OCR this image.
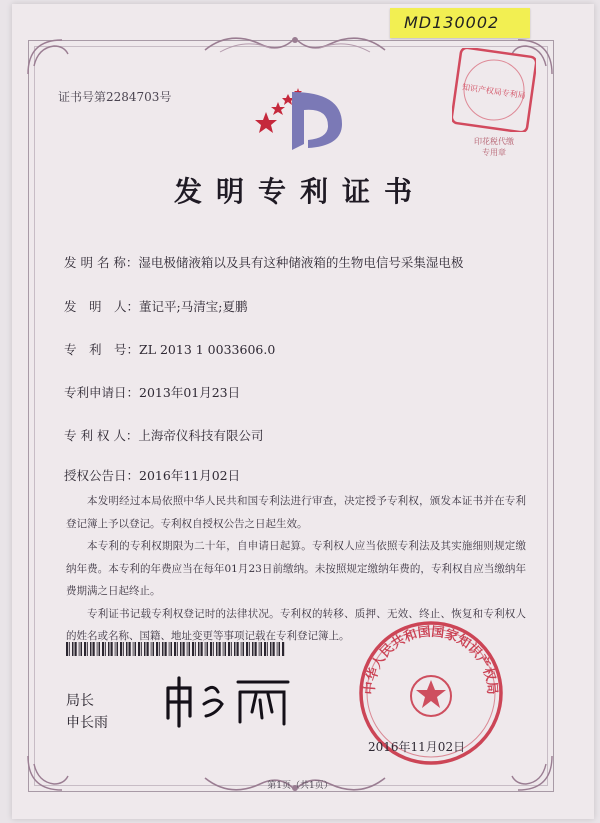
MD130002
证书号第2284703号	知识产权局专利局
印花税代缴专用章
发明专利证书
发 明 名 称：湿电极储液箱以及具有这种储液箱的生物电信号采集湿电极
发　明　人：董记平;马清宝;夏鹏
专　利　号：ZL 2013 1 0033606.0
专利申请日：2013年01月23日
专 利 权 人：上海帝仪科技有限公司
授权公告日：2016年11月02日

本发明经过本局依照中华人民共和国专利法进行审查，决定授予专利权，颁发本证书并在专利登记簿上予以登记。专利权自授权公告之日起生效。

本专利的专利权期限为二十年，自申请日起算。专利权人应当依照专利法及其实施细则规定缴纳年费。本专利的年费应当在每年01月23日前缴纳。未按照规定缴纳年费的，专利权自应当缴纳年费期满之日起终止。

专利证书记载专利权登记时的法律状况。专利权的转移、质押、无效、终止、恢复和专利权人的姓名或名称、国籍、地址变更等事项记载在专利登记簿上。

局长
申长雨
中华人民共和国国家知识产权局
2016年11月02日
第1页（共1页）
